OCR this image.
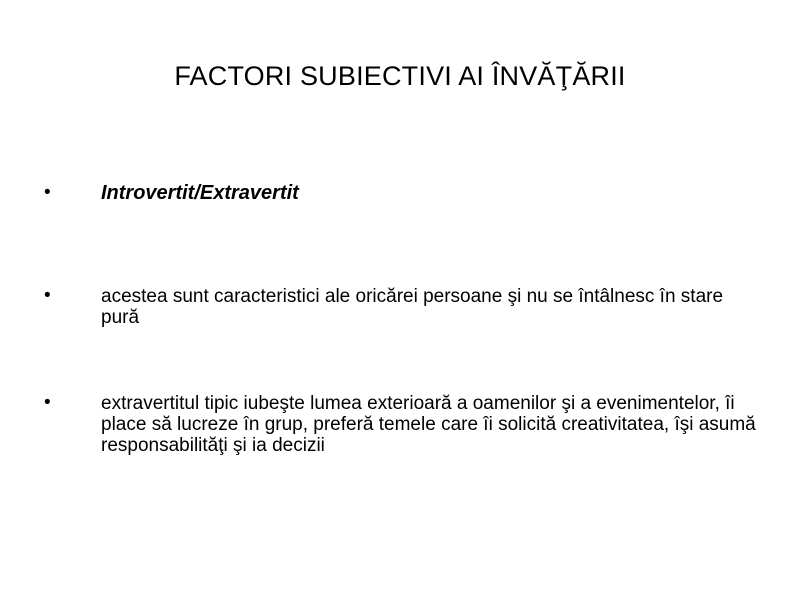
FACTORI SUBIECTIVI AI ÎNVĂŢĂRII
•	Introvertit/Extravertit
•	acestea sunt caracteristici ale oricărei persoane şi nu se întâlnesc în stare pură
•	extravertitul tipic iubeşte lumea exterioară a oamenilor şi a evenimentelor, îi place să lucreze în grup, preferă temele care îi solicită creativitatea, îşi asumă responsabilităţi şi ia decizii
